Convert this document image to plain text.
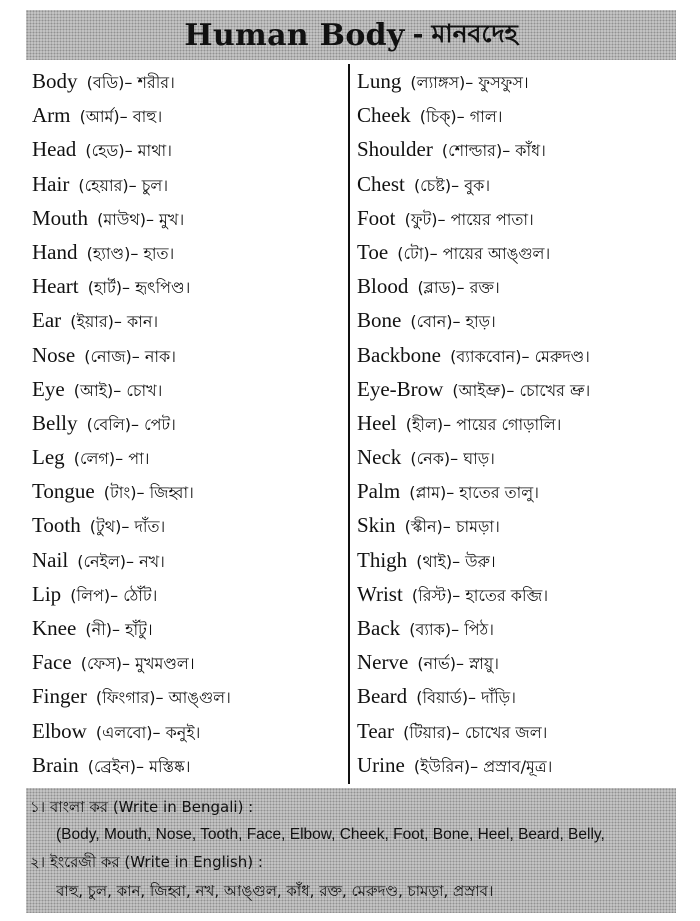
Human Body - মানবদেহ
Body (বডি)– শরীর।
Arm (আর্ম)– বাহু।
Head (হেড)– মাথা।
Hair (হেয়ার)– চুল।
Mouth (মাউথ)– মুখ।
Hand (হ্যাণ্ড)– হাত।
Heart (হার্ট)– হৃৎপিণ্ড।
Ear (ইয়ার)– কান।
Nose (নোজ)– নাক।
Eye (আই)– চোখ।
Belly (বেলি)– পেট।
Leg (লেগ)– পা।
Tongue (টাং)– জিহ্বা।
Tooth (টুথ)– দাঁত।
Nail (নেইল)– নখ।
Lip (লিপ)– ঠোঁট।
Knee (নী)– হাঁটু।
Face (ফেস)– মুখমণ্ডল।
Finger (ফিংগার)– আঙ্গুল।
Elbow (এলবো)– কনুই।
Brain (ব্রেইন)– মস্তিষ্ক।
Lung (ল্যাঙ্গস)– ফুসফুস।
Cheek (চিক্)– গাল।
Shoulder (শোল্ডার)– কাঁধ।
Chest (চেষ্ট)– বুক।
Foot (ফুট)– পায়ের পাতা।
Toe (টো)– পায়ের আঙ্গুল।
Blood (ব্লাড)– রক্ত।
Bone (বোন)– হাড়।
Backbone (ব্যাকবোন)– মেরুদণ্ড।
Eye-Brow (আইভ্রু)– চোখের ভ্রু।
Heel (হীল)– পায়ের গোড়ালি।
Neck (নেক)– ঘাড়।
Palm (প্লাম)– হাতের তালু।
Skin (স্কীন)– চামড়া।
Thigh (থাই)– উরু।
Wrist (রিস্ট)– হাতের কব্জি।
Back (ব্যাক)– পিঠ।
Nerve (নার্ভ)– স্নায়ু।
Beard (বিয়ার্ড)– দাঁড়ি।
Tear (টিয়ার)– চোখের জল।
Urine (ইউরিন)– প্রস্রাব/মূত্র।
১। বাংলা কর (Write in Bengali) :
(Body, Mouth, Nose, Tooth, Face, Elbow, Cheek, Foot, Bone, Heel, Beard, Belly,
২। ইংরেজী কর (Write in English) :
বাহু, চুল, কান, জিহ্বা, নখ, আঙ্গুল, কাঁধ, রক্ত, মেরুদণ্ড, চামড়া, প্রস্রাব।
